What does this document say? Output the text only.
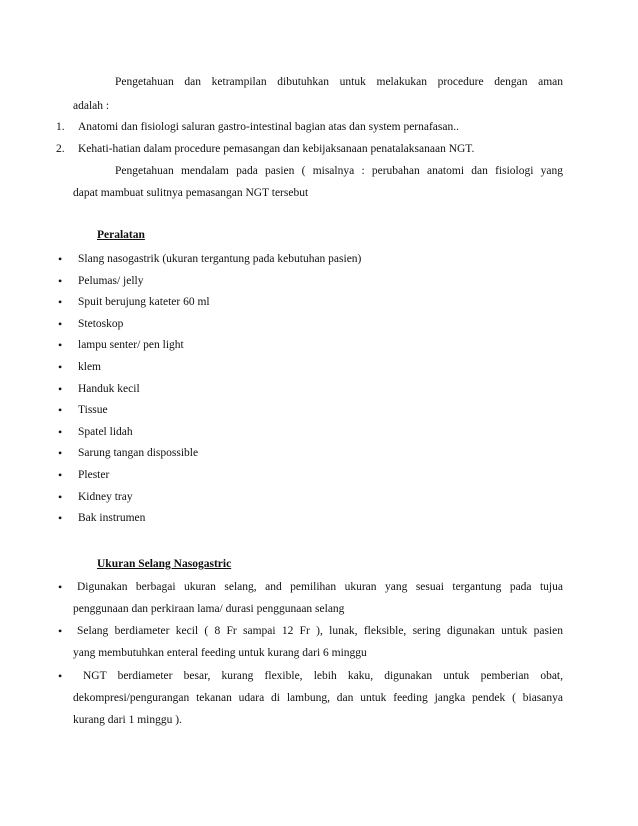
Pengetahuan dan ketrampilan dibutuhkan untuk melakukan procedure dengan aman
adalah :
1. Anatomi dan fisiologi saluran gastro-intestinal bagian atas dan system pernafasan..
2. Kehati-hatian dalam procedure pemasangan dan kebijaksanaan penatalaksanaan NGT.
Pengetahuan mendalam pada pasien ( misalnya : perubahan anatomi dan fisiologi yang
dapat mambuat sulitnya pemasangan NGT tersebut
Peralatan
• Slang nasogastrik (ukuran tergantung pada kebutuhan pasien)
• Pelumas/ jelly
• Spuit berujung kateter 60 ml
• Stetoskop
• lampu senter/ pen light
• klem
• Handuk kecil
• Tissue
• Spatel lidah
• Sarung tangan dispossible
• Plester
• Kidney tray
• Bak instrumen
Ukuran Selang Nasogastric
• Digunakan berbagai ukuran selang, and pemilihan ukuran yang sesuai tergantung pada tujua
penggunaan dan perkiraan lama/ durasi penggunaan selang
• Selang berdiameter kecil ( 8 Fr sampai 12 Fr ), lunak, fleksible, sering digunakan untuk pasien
yang membutuhkan enteral feeding untuk kurang dari 6 minggu
• NGT berdiameter besar, kurang flexible, lebih kaku, digunakan untuk pemberian obat,
dekompresi/pengurangan tekanan udara di lambung, dan untuk feeding jangka pendek ( biasanya
kurang dari 1 minggu ).
